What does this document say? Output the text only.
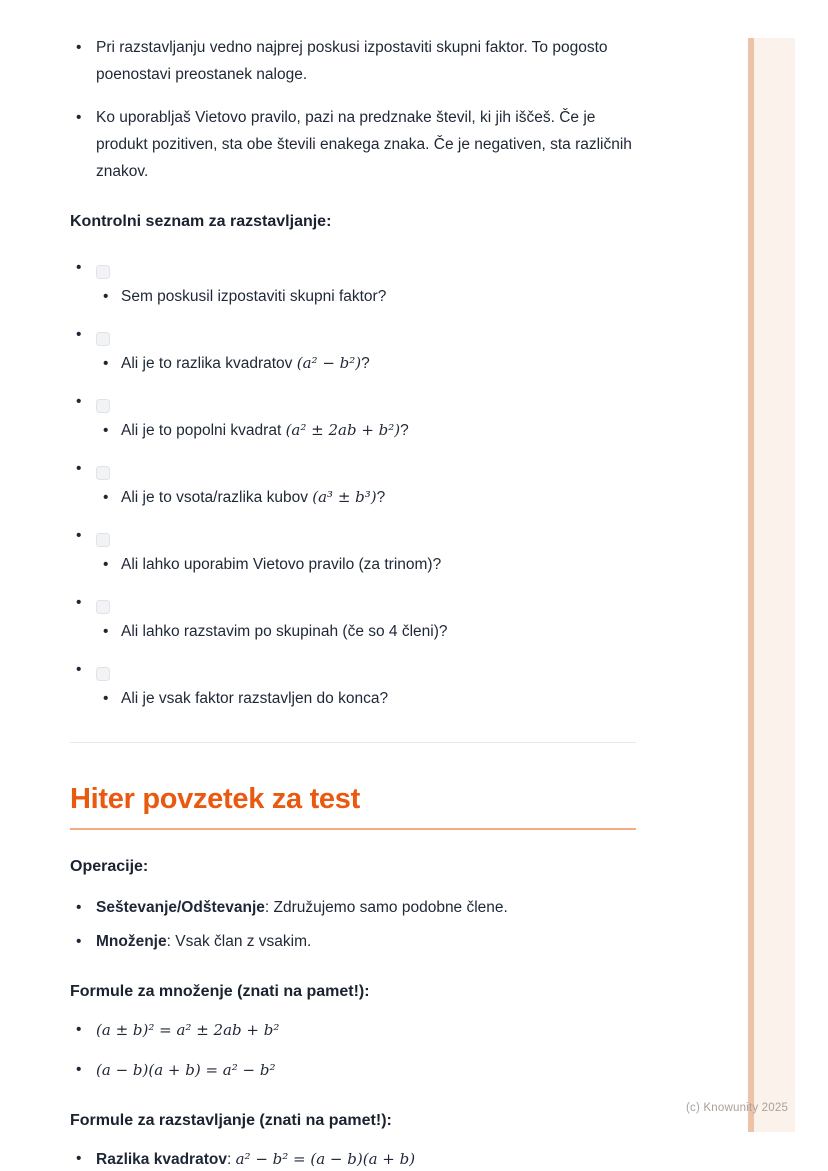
(c) Knowunity 2025
• Pri razstavljanju vedno najprej poskusi izpostaviti skupni faktor. To pogosto poenostavi preostanek naloge.
• Ko uporabljaš Vietovo pravilo, pazi na predznake števil, ki jih iščeš. Če je produkt pozitiven, sta obe števili enakega znaka. Če je negativen, sta različnih znakov.
Kontrolni seznam za razstavljanje:
•
• Sem poskusil izpostaviti skupni faktor?
•
• Ali je to razlika kvadratov (a² − b²)?
•
• Ali je to popolni kvadrat (a² ± 2ab + b²)?
•
• Ali je to vsota/razlika kubov (a³ ± b³)?
•
• Ali lahko uporabim Vietovo pravilo (za trinom)?
•
• Ali lahko razstavim po skupinah (če so 4 členi)?
•
• Ali je vsak faktor razstavljen do konca?
Hiter povzetek za test
Operacije:
• Seštevanje/Odštevanje: Združujemo samo podobne člene.
• Množenje: Vsak član z vsakim.
Formule za množenje (znati na pamet!):
• (a ± b)² = a² ± 2ab + b²
• (a − b)(a + b) = a² − b²
Formule za razstavljanje (znati na pamet!):
• Razlika kvadratov: a² − b² = (a − b)(a + b)
